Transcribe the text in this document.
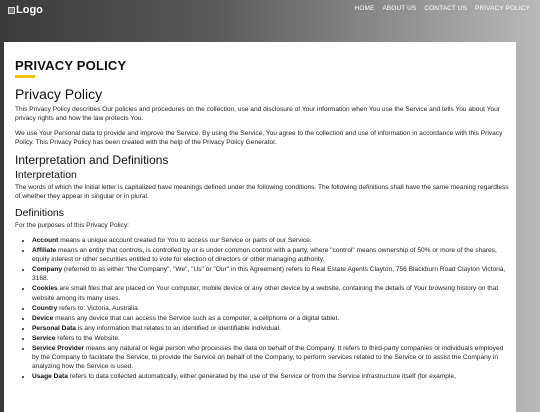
Logo	HOME ABOUT US CONTACT US PRIVACY POLICY
PRIVACY POLICY
Privacy Policy

This Privacy Policy describes Our policies and procedures on the collection, use and disclosure of Your information when You use the Service and tells You about Your privacy rights and how the law protects You.

We use Your Personal data to provide and improve the Service. By using the Service, You agree to the collection and use of information in accordance with this Privacy Policy. This Privacy Policy has been created with the help of the Privacy Policy Generator.

Interpretation and Definitions
Interpretation

The words of which the initial letter is capitalized have meanings defined under the following conditions. The following definitions shall have the same meaning regardless of whether they appear in singular or in plural.

Definitions

For the purposes of this Privacy Policy:

• Account means a unique account created for You to access our Service or parts of our Service.
• Affiliate means an entity that controls, is controlled by or is under common control with a party, where "control" means ownership of 50% or more of the shares, equity interest or other securities entitled to vote for election of directors or other managing authority.
• Company (referred to as either "the Company", "We", "Us" or "Our" in this Agreement) refers to Real Estate Agents Clayton, 756 Blackburn Road Clayton Victoria, 3168.
• Cookies are small files that are placed on Your computer, mobile device or any other device by a website, containing the details of Your browsing history on that website among its many uses.
• Country refers to: Victoria, Australia
• Device means any device that can access the Service such as a computer, a cellphone or a digital tablet.
• Personal Data is any information that relates to an identified or identifiable individual.
• Service refers to the Website.
• Service Provider means any natural or legal person who processes the data on behalf of the Company. It refers to third-party companies or individuals employed by the Company to facilitate the Service, to provide the Service on behalf of the Company, to perform services related to the Service or to assist the Company in analyzing how the Service is used.
• Usage Data refers to data collected automatically, either generated by the use of the Service or from the Service infrastructure itself (for example,
